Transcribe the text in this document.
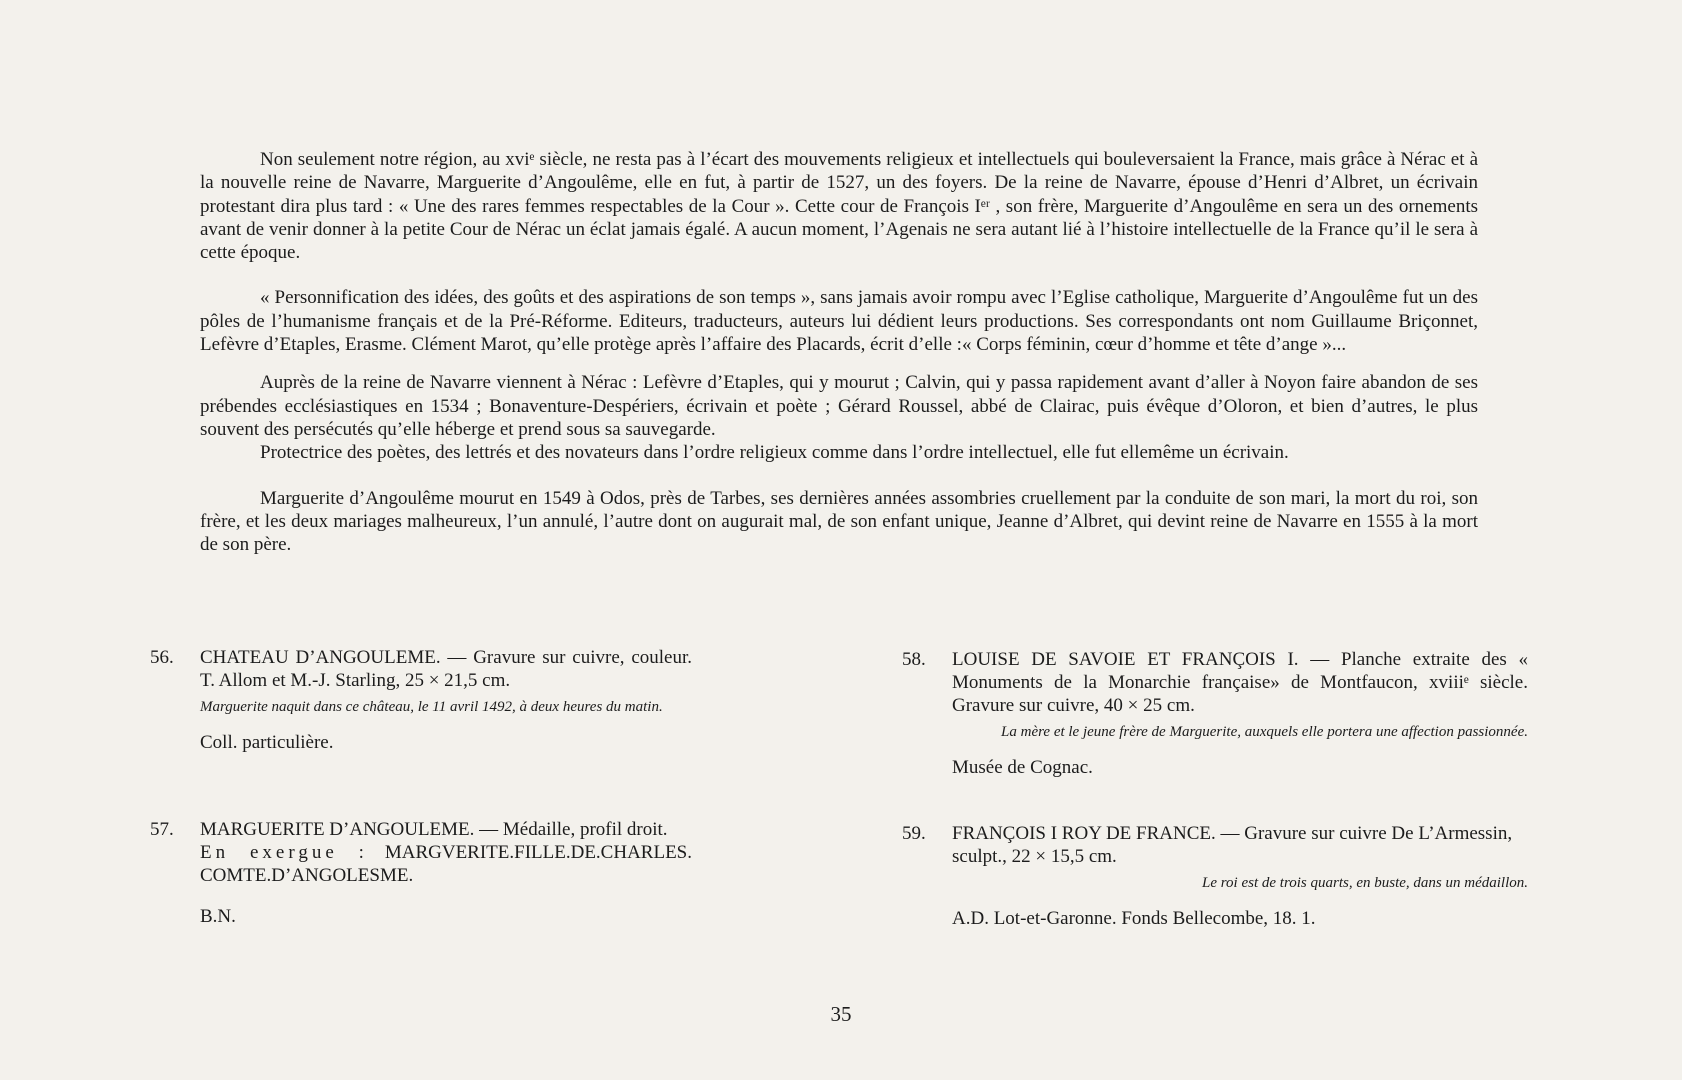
Non seulement notre région, au xviᵉ siècle, ne resta pas à l’écart des mouvements religieux et intellectuels qui bouleversaient la France, mais grâce à Nérac et à la nouvelle reine de Navarre, Marguerite d’Angoulême, elle en fut, à partir de 1527, un des foyers. De la reine de Navarre, épouse d’Henri d’Albret, un écrivain protestant dira plus tard : « Une des rares femmes respectables de la Cour ». Cette cour de François Iᵉʳ , son frère, Marguerite d’Angoulême en sera un des ornements avant de venir donner à la petite Cour de Nérac un éclat jamais égalé. A aucun moment, l’Agenais ne sera autant lié à l’histoire intellectuelle de la France qu’il le sera à cette époque.

« Personnification des idées, des goûts et des aspirations de son temps », sans jamais avoir rompu avec l’Eglise catholique, Marguerite d’Angoulême fut un des pôles de l’humanisme français et de la Pré-Réforme. Editeurs, traducteurs, auteurs lui dédient leurs productions. Ses correspondants ont nom Guillaume Briçonnet, Lefèvre d’Etaples, Erasme. Clément Marot, qu’elle protège après l’affaire des Placards, écrit d’elle :« Corps féminin, cœur d’homme et tête d’ange »...

Auprès de la reine de Navarre viennent à Nérac : Lefèvre d’Etaples, qui y mourut ; Calvin, qui y passa rapidement avant d’aller à Noyon faire abandon de ses prébendes ecclésiastiques en 1534 ; Bonaventure-Despériers, écrivain et poète ; Gérard Roussel, abbé de Clairac, puis évêque d’Oloron, et bien d’autres, le plus souvent des persécutés qu’elle héberge et prend sous sa sauvegarde.

Protectrice des poètes, des lettrés et des novateurs dans l’ordre religieux comme dans l’ordre intellectuel, elle fut ellemême un écrivain.

Marguerite d’Angoulême mourut en 1549 à Odos, près de Tarbes, ses dernières années assombries cruellement par la conduite de son mari, la mort du roi, son frère, et les deux mariages malheureux, l’un annulé, l’autre dont on augurait mal, de son enfant unique, Jeanne d’Albret, qui devint reine de Navarre en 1555 à la mort de son père.

56.	CHATEAU D’ANGOULEME. — Gravure sur cuivre, couleur. T. Allom et M.-J. Starling, 25 × 21,5 cm.

Marguerite naquit dans ce château, le 11 avril 1492, à deux heures du matin.

Coll. particulière.
57.	MARGUERITE D’ANGOULEME. — Médaille, profil droit.
En exergue : MARGVERITE.FILLE.DE.CHARLES. COMTE.D’ANGOLESME.
B.N.
58.	LOUISE DE SAVOIE ET FRANÇOIS I. — Planche extraite des « Monuments de la Monarchie française» de Montfaucon, xviiiᵉ siècle. Gravure sur cuivre, 40 × 25 cm.

La mère et le jeune frère de Marguerite, auxquels elle portera une affection passionnée.

Musée de Cognac.
59.	FRANÇOIS I ROY DE FRANCE. — Gravure sur cuivre De L’Armessin, sculpt., 22 × 15,5 cm.

Le roi est de trois quarts, en buste, dans un médaillon.

A.D. Lot-et-Garonne. Fonds Bellecombe, 18. 1.
35
